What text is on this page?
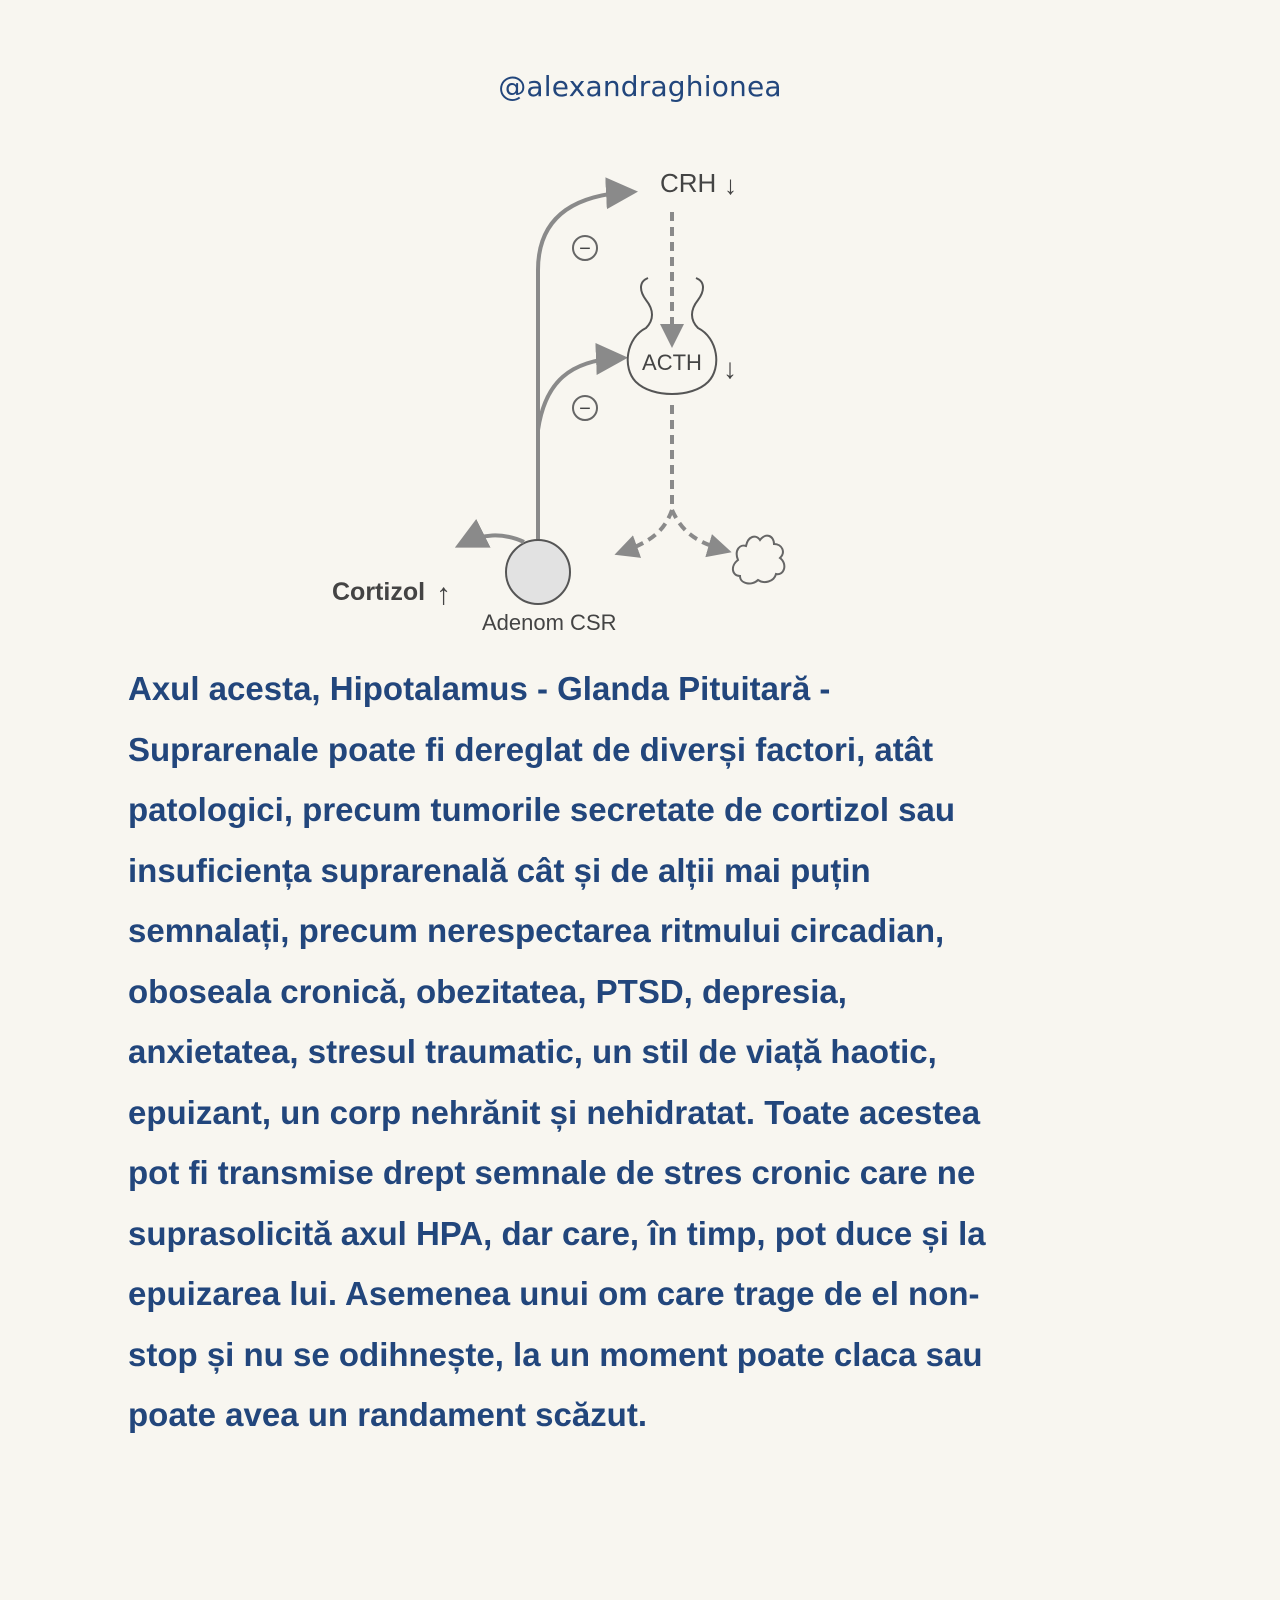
@alexandraghionea
CRH ↓
−
−
ACTH ↓
Adenom CSR
Cortizol ↑
Axul acesta, Hipotalamus - Glanda Pituitară -
Suprarenale poate fi dereglat de diverși factori, atât
patologici, precum tumorile secretate de cortizol sau
insuficiența suprarenală cât și de alții mai puțin
semnalați, precum nerespectarea ritmului circadian,
oboseala cronică, obezitatea, PTSD, depresia,
anxietatea, stresul traumatic, un stil de viață haotic,
epuizant, un corp nehrănit și nehidratat. Toate acestea
pot fi transmise drept semnale de stres cronic care ne
suprasolicită axul HPA, dar care, în timp, pot duce și la
epuizarea lui. Asemenea unui om care trage de el non-
stop și nu se odihnește, la un moment poate claca sau
poate avea un randament scăzut.
